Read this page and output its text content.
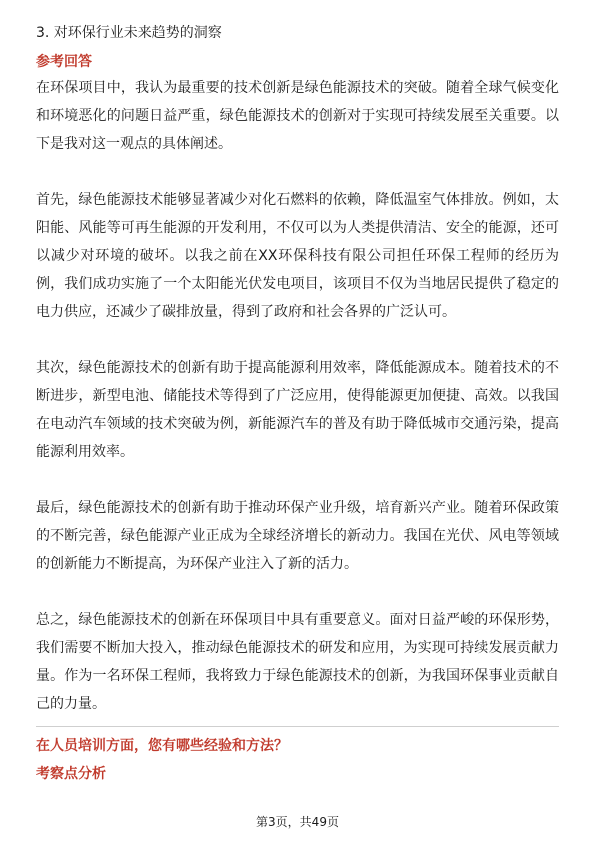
3. 对环保行业未来趋势的洞察
参考回答

在环保项目中，我认为最重要的技术创新是绿色能源技术的突破。随着全球气候变化和环境恶化的问题日益严重，绿色能源技术的创新对于实现可持续发展至关重要。以下是我对这一观点的具体阐述。

首先，绿色能源技术能够显著减少对化石燃料的依赖，降低温室气体排放。例如，太阳能、风能等可再生能源的开发利用，不仅可以为人类提供清洁、安全的能源，还可以减少对环境的破坏。以我之前在XX环保科技有限公司担任环保工程师的经历为例，我们成功实施了一个太阳能光伏发电项目，该项目不仅为当地居民提供了稳定的电力供应，还减少了碳排放量，得到了政府和社会各界的广泛认可。

其次，绿色能源技术的创新有助于提高能源利用效率，降低能源成本。随着技术的不断进步，新型电池、储能技术等得到了广泛应用，使得能源更加便捷、高效。以我国在电动汽车领域的技术突破为例，新能源汽车的普及有助于降低城市交通污染，提高能源利用效率。

最后，绿色能源技术的创新有助于推动环保产业升级，培育新兴产业。随着环保政策的不断完善，绿色能源产业正成为全球经济增长的新动力。我国在光伏、风电等领域的创新能力不断提高，为环保产业注入了新的活力。

总之，绿色能源技术的创新在环保项目中具有重要意义。面对日益严峻的环保形势，我们需要不断加大投入，推动绿色能源技术的研发和应用，为实现可持续发展贡献力量。作为一名环保工程师，我将致力于绿色能源技术的创新，为我国环保事业贡献自己的力量。

在人员培训方面，您有哪些经验和方法？
考察点分析
第3页，共49页
